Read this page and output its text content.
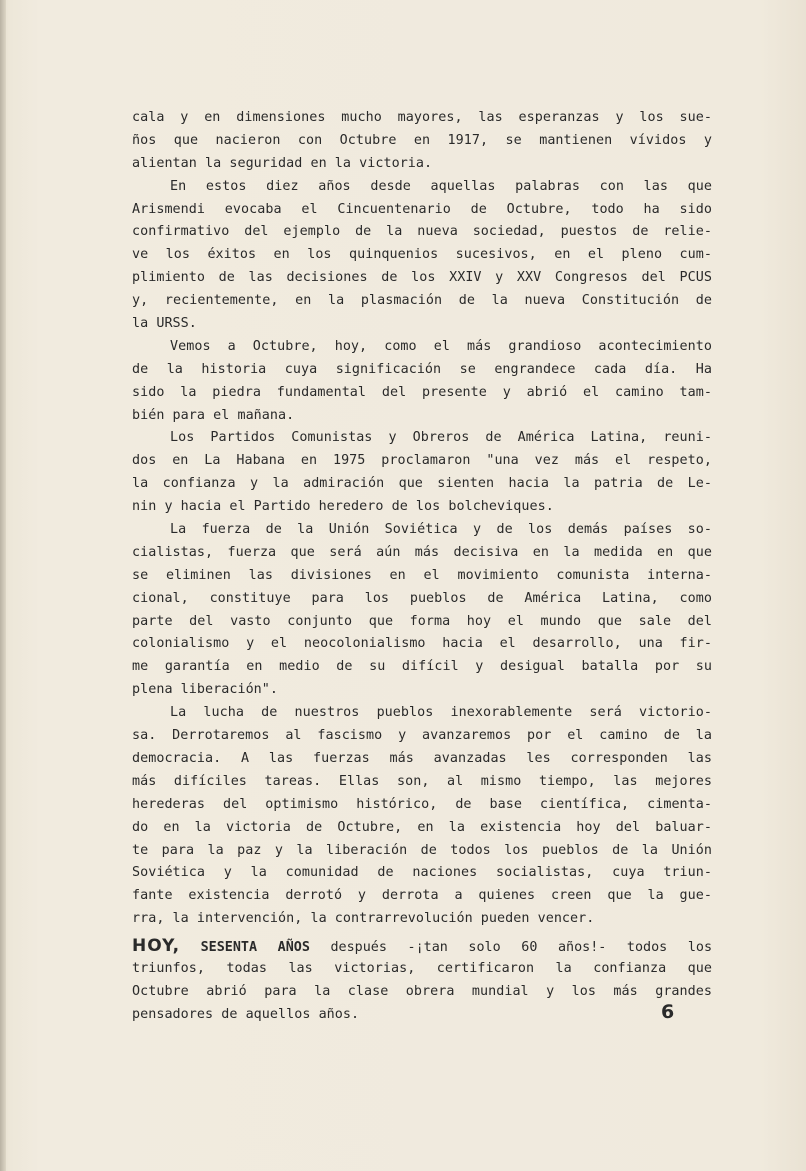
cala y en dimensiones mucho mayores, las esperanzas y los sue-
ños que nacieron con Octubre en 1917, se mantienen vívidos y
alientan la seguridad en la victoria.
En estos diez años desde aquellas palabras con las que
Arismendi evocaba el Cincuentenario de Octubre, todo ha sido
confirmativo del ejemplo de la nueva sociedad, puestos de relie-
ve los éxitos en los quinquenios sucesivos, en el pleno cum-
plimiento de las decisiones de los XXIV y XXV Congresos del PCUS
y, recientemente, en la plasmación de la nueva Constitución de
la URSS.
Vemos a Octubre, hoy, como el más grandioso acontecimiento
de la historia cuya significación se engrandece cada día. Ha
sido la piedra fundamental del presente y abrió el camino tam-
bién para el mañana.
Los Partidos Comunistas y Obreros de América Latina, reuni-
dos en La Habana en 1975 proclamaron "una vez más el respeto,
la confianza y la admiración que sienten hacia la patria de Le-
nin y hacia el Partido heredero de los bolcheviques.
La fuerza de la Unión Soviética y de los demás países so-
cialistas, fuerza que será aún más decisiva en la medida en que
se eliminen las divisiones en el movimiento comunista interna-
cional, constituye para los pueblos de América Latina, como
parte del vasto conjunto que forma hoy el mundo que sale del
colonialismo y el neocolonialismo hacia el desarrollo, una fir-
me garantía en medio de su difícil y desigual batalla por su
plena liberación".
La lucha de nuestros pueblos inexorablemente será victorio-
sa. Derrotaremos al fascismo y avanzaremos por el camino de la
democracia. A las fuerzas más avanzadas les corresponden las
más difíciles tareas. Ellas son, al mismo tiempo, las mejores
herederas del optimismo histórico, de base científica, cimenta-
do en la victoria de Octubre, en la existencia hoy del baluar-
te para la paz y la liberación de todos los pueblos de la Unión
Soviética y la comunidad de naciones socialistas, cuya triun-
fante existencia derrotó y derrota a quienes creen que la gue-
rra, la intervención, la contrarrevolución pueden vencer.
HOY, SESENTA AÑOS después -¡tan solo 60 años!- todos los
triunfos, todas las victorias, certificaron la confianza que
Octubre abrió para la clase obrera mundial y los más grandes
pensadores de aquellos años.	6
